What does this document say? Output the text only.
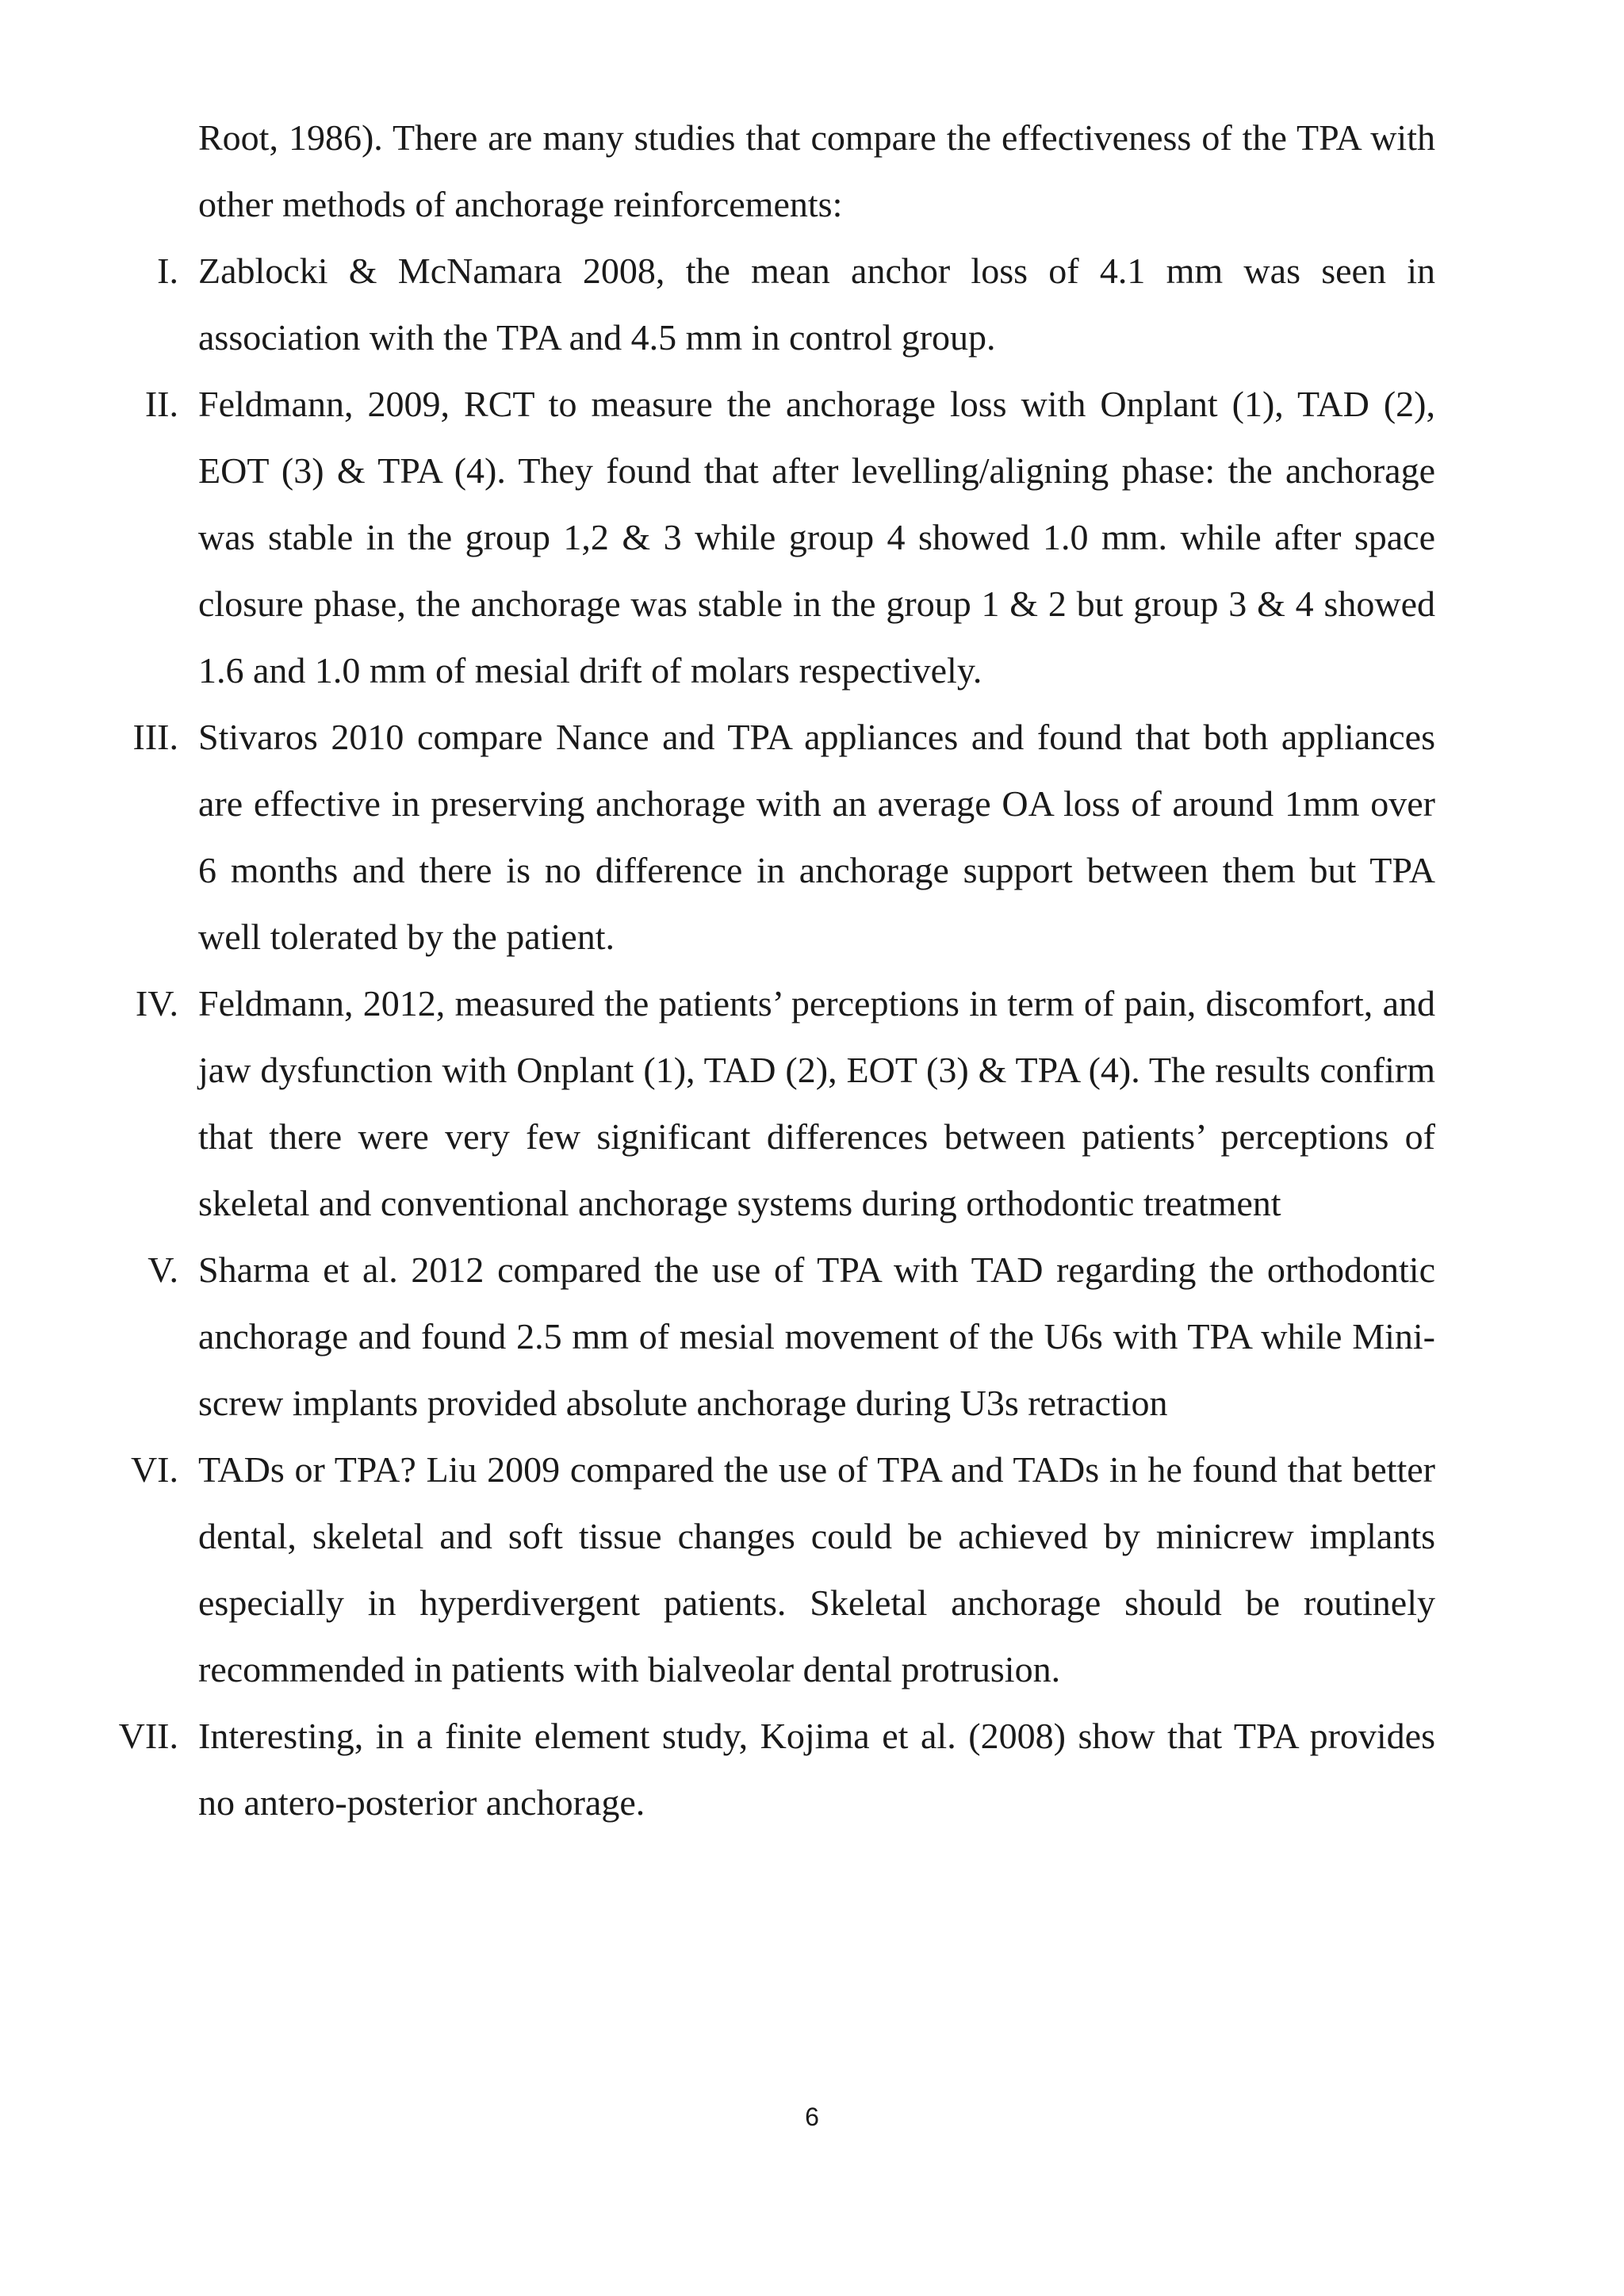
Root, 1986). There are many studies that compare the effectiveness of the TPA with other methods of anchorage reinforcements:

I. Zablocki & McNamara 2008, the mean anchor loss of 4.1 mm was seen in association with the TPA and 4.5 mm in control group.
II. Feldmann, 2009, RCT to measure the anchorage loss with Onplant (1), TAD (2), EOT (3) & TPA (4). They found that after levelling/aligning phase: the anchorage was stable in the group 1,2 & 3 while group 4 showed 1.0 mm. while after space closure phase, the anchorage was stable in the group 1 & 2 but group 3 & 4 showed 1.6 and 1.0 mm of mesial drift of molars respectively.
III. Stivaros 2010 compare Nance and TPA appliances and found that both appliances are effective in preserving anchorage with an average OA loss of around 1mm over 6 months and there is no difference in anchorage support between them but TPA well tolerated by the patient.
IV. Feldmann, 2012, measured the patients’ perceptions in term of pain, discomfort, and jaw dysfunction with Onplant (1), TAD (2), EOT (3) & TPA (4). The results confirm that there were very few significant differences between patients’ perceptions of skeletal and conventional anchorage systems during orthodontic treatment
V. Sharma et al. 2012 compared the use of TPA with TAD regarding the orthodontic anchorage and found 2.5 mm of mesial movement of the U6s with TPA while Mini-screw implants provided absolute anchorage during U3s retraction
VI. TADs or TPA? Liu 2009 compared the use of TPA and TADs in he found that better dental, skeletal and soft tissue changes could be achieved by minicrew implants especially in hyperdivergent patients. Skeletal anchorage should be routinely recommended in patients with bialveolar dental protrusion.
VII. Interesting, in a finite element study, Kojima et al. (2008) show that TPA provides no antero-posterior anchorage.
6
